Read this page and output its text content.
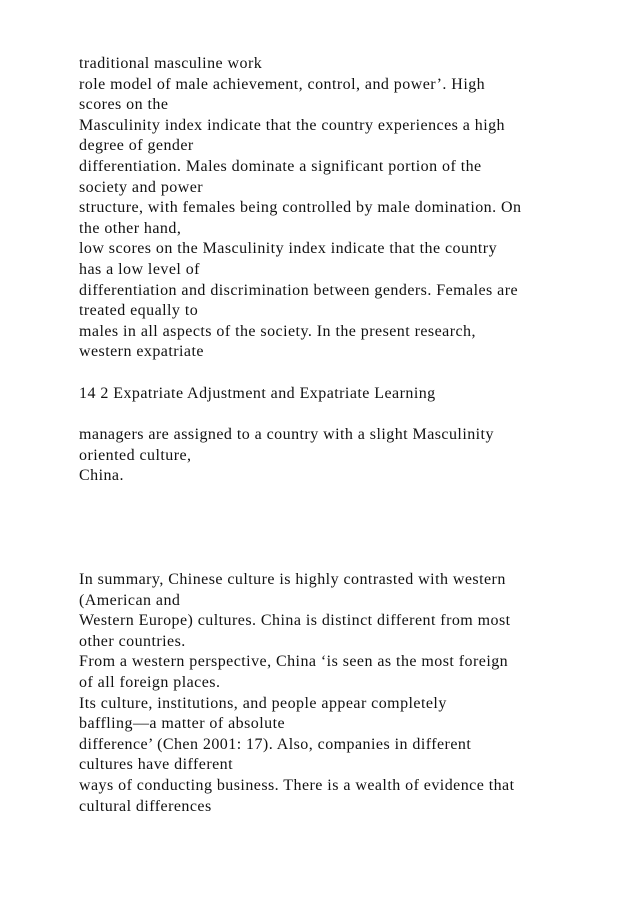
traditional masculine work
role model of male achievement, control, and power’. High
scores on the
Masculinity index indicate that the country experiences a high
degree of gender
differentiation. Males dominate a significant portion of the
society and power
structure, with females being controlled by male domination. On
the other hand,
low scores on the Masculinity index indicate that the country
has a low level of
differentiation and discrimination between genders. Females are
treated equally to
males in all aspects of the society. In the present research,
western expatriate

14 2 Expatriate Adjustment and Expatriate Learning
managers are assigned to a country with a slight Masculinity
oriented culture,
China.
In summary, Chinese culture is highly contrasted with western
(American and
Western Europe) cultures. China is distinct different from most
other countries.
From a western perspective, China ‘is seen as the most foreign
of all foreign places.
Its culture, institutions, and people appear completely
baffling—a matter of absolute
difference’ (Chen 2001: 17). Also, companies in different
cultures have different
ways of conducting business. There is a wealth of evidence that
cultural differences
